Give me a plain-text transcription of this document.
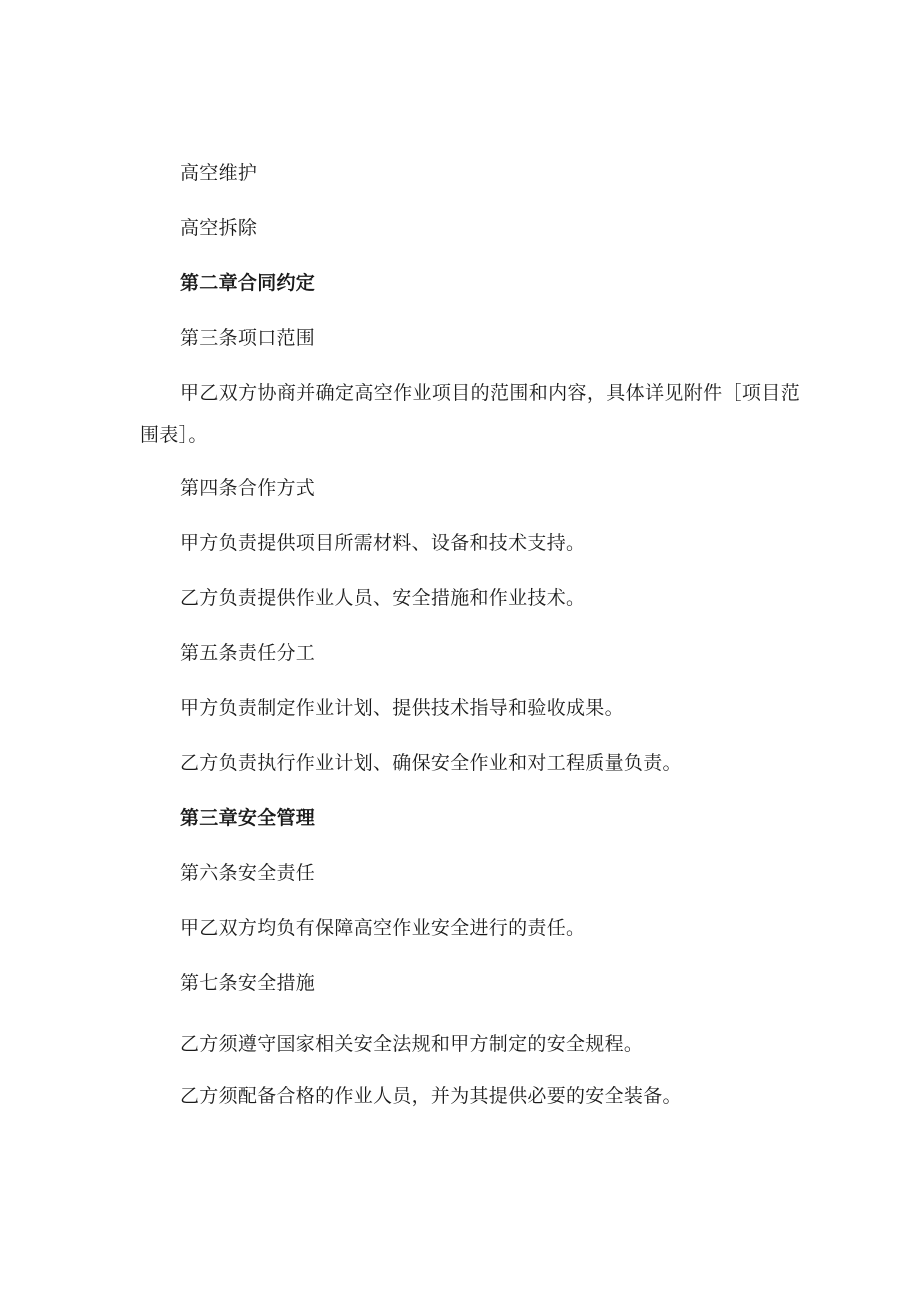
高空维护
高空拆除
第二章合同约定
第三条项口范围
甲乙双方协商并确定高空作业项目的范围和内容，具体详见附件［项目范围表］。
第四条合作方式
甲方负责提供项目所需材料、设备和技术支持。
乙方负责提供作业人员、安全措施和作业技术。
第五条责任分工
甲方负责制定作业计划、提供技术指导和验收成果。
乙方负责执行作业计划、确保安全作业和对工程质量负责。
第三章安全管理
第六条安全责任
甲乙双方均负有保障高空作业安全进行的责任。
第七条安全措施
乙方须遵守国家相关安全法规和甲方制定的安全规程。
乙方须配备合格的作业人员，并为其提供必要的安全装备。
